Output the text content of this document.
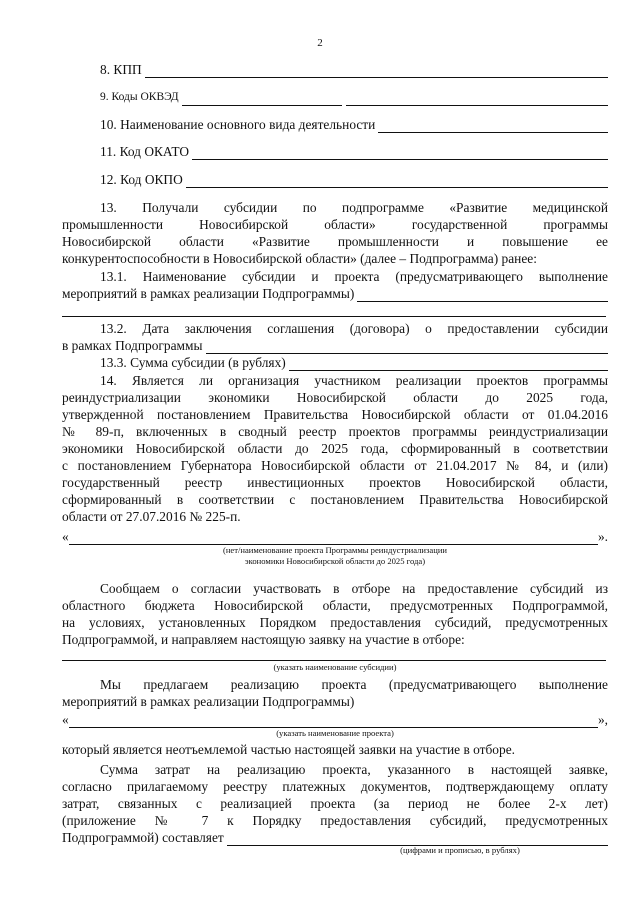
2
8. КПП
9. Коды ОКВЭД
10. Наименование основного вида деятельности
11. Код ОКАТО
12. Код ОКПО
13. Получали субсидии по подпрограмме «Развитие медицинской
промышленности Новосибирской области» государственной программы
Новосибирской области «Развитие промышленности и повышение ее
конкурентоспособности в Новосибирской области» (далее – Подпрограмма) ранее:
13.1. Наименование субсидии и проекта (предусматривающего выполнение
мероприятий в рамках реализации Подпрограммы)
13.2. Дата заключения соглашения (договора) о предоставлении субсидии
в рамках Подпрограммы
13.3. Сумма субсидии (в рублях)
14. Является ли организация участником реализации проектов программы
реиндустриализации экономики Новосибирской области до 2025 года,
утвержденной постановлением Правительства Новосибирской области от 01.04.2016
№ 89-п, включенных в сводный реестр проектов программы реиндустриализации
экономики Новосибирской области до 2025 года, сформированный в соответствии
с постановлением Губернатора Новосибирской области от 21.04.2017 № 84, и (или)
государственный реестр инвестиционных проектов Новосибирской области,
сформированный в соответствии с постановлением Правительства Новосибирской
области от 27.07.2016 № 225-п.
«	».
(нет/наименование проекта Программы реиндустриализации
экономики Новосибирской области до 2025 года)
Сообщаем о согласии участвовать в отборе на предоставление субсидий из
областного бюджета Новосибирской области, предусмотренных Подпрограммой,
на условиях, установленных Порядком предоставления субсидий, предусмотренных
Подпрограммой, и направляем настоящую заявку на участие в отборе:
(указать наименование субсидии)
Мы предлагаем реализацию проекта (предусматривающего выполнение
мероприятий в рамках реализации Подпрограммы)
«	»,
(указать наименование проекта)
который является неотъемлемой частью настоящей заявки на участие в отборе.
Сумма затрат на реализацию проекта, указанного в настоящей заявке,
согласно прилагаемому реестру платежных документов, подтверждающему оплату
затрат, связанных с реализацией проекта (за период не более 2-х лет)
(приложение № 7 к Порядку предоставления субсидий, предусмотренных
Подпрограммой) составляет
(цифрами и прописью, в рублях)
